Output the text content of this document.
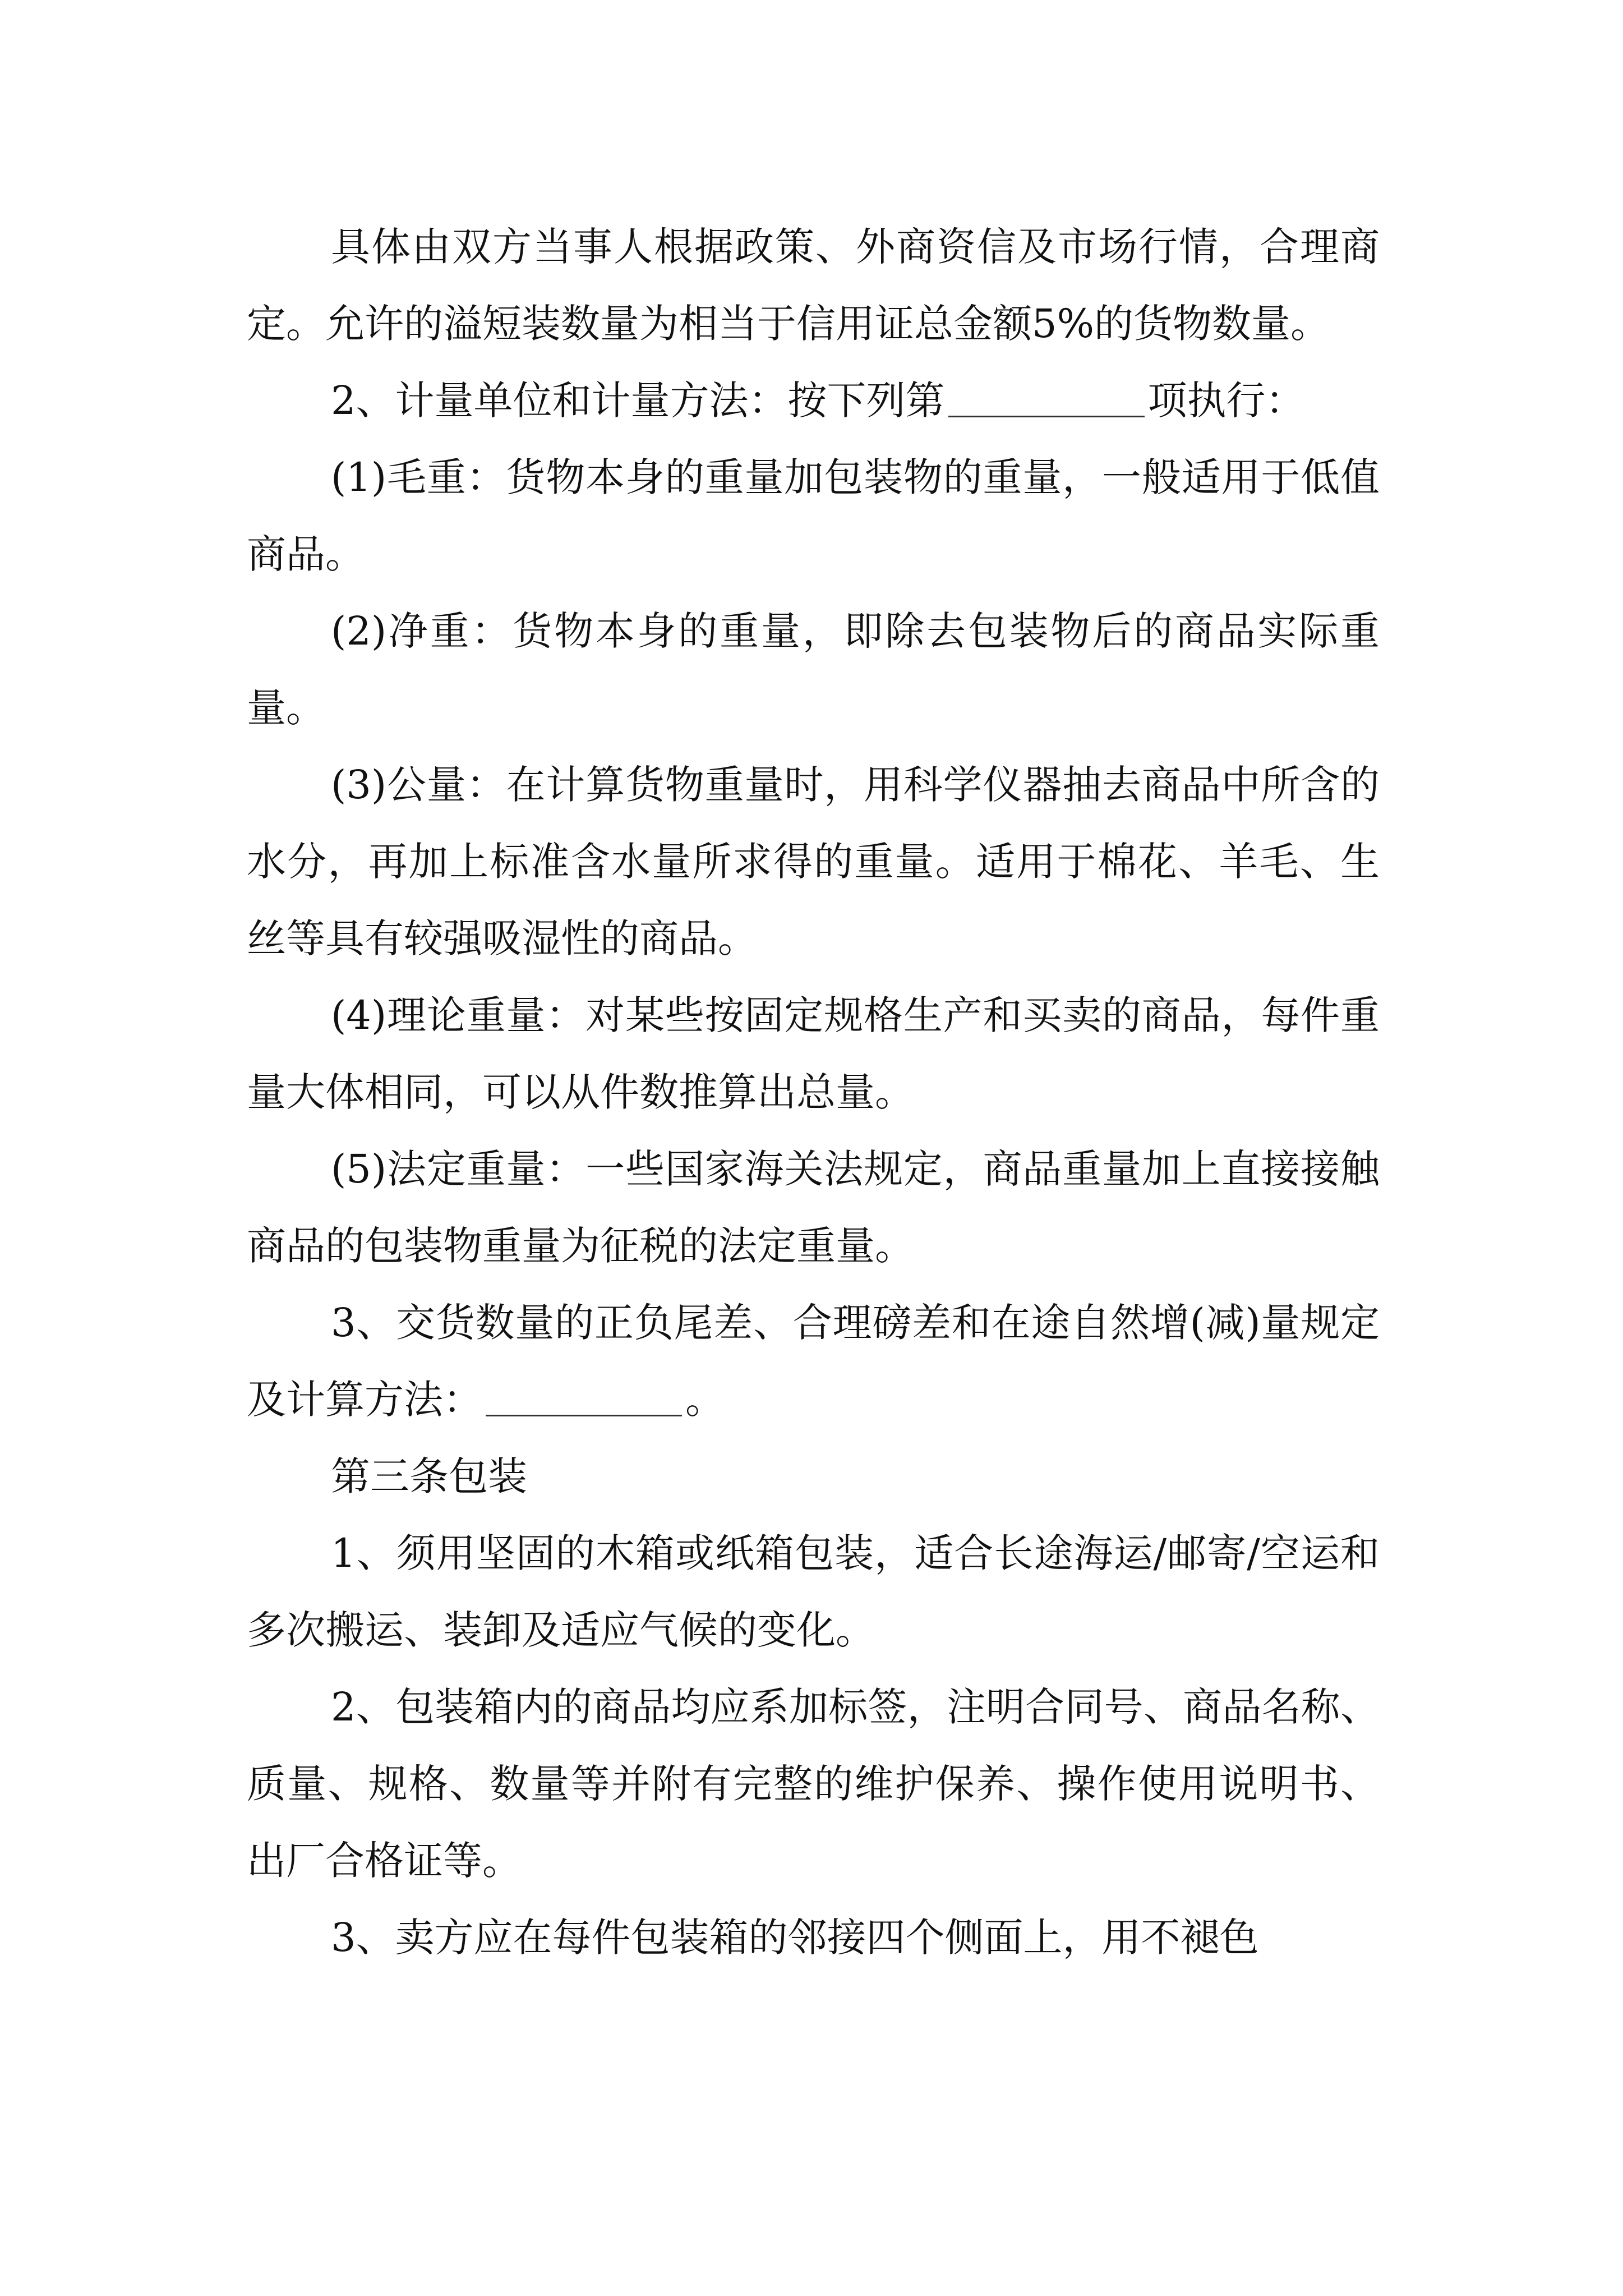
具体由双方当事人根据政策、外商资信及市场行情，合理商定。允许的溢短装数量为相当于信用证总金额5%的货物数量。

2、计量单位和计量方法：按下列第	项执行：

(1)毛重：货物本身的重量加包装物的重量，一般适用于低值商品。

(2)净重：货物本身的重量，即除去包装物后的商品实际重量。

(3)公量：在计算货物重量时，用科学仪器抽去商品中所含的水分，再加上标准含水量所求得的重量。适用于棉花、羊毛、生丝等具有较强吸湿性的商品。

(4)理论重量：对某些按固定规格生产和买卖的商品，每件重量大体相同，可以从件数推算出总量。

(5)法定重量：一些国家海关法规定，商品重量加上直接接触商品的包装物重量为征税的法定重量。

3、交货数量的正负尾差、合理磅差和在途自然增(减)量规定及计算方法：	。

第三条包装

1、须用坚固的木箱或纸箱包装，适合长途海运/邮寄/空运和多次搬运、装卸及适应气候的变化。

2、包装箱内的商品均应系加标签，注明合同号、商品名称、质量、规格、数量等并附有完整的维护保养、操作使用说明书、出厂合格证等。

3、卖方应在每件包装箱的邻接四个侧面上，用不褪色
